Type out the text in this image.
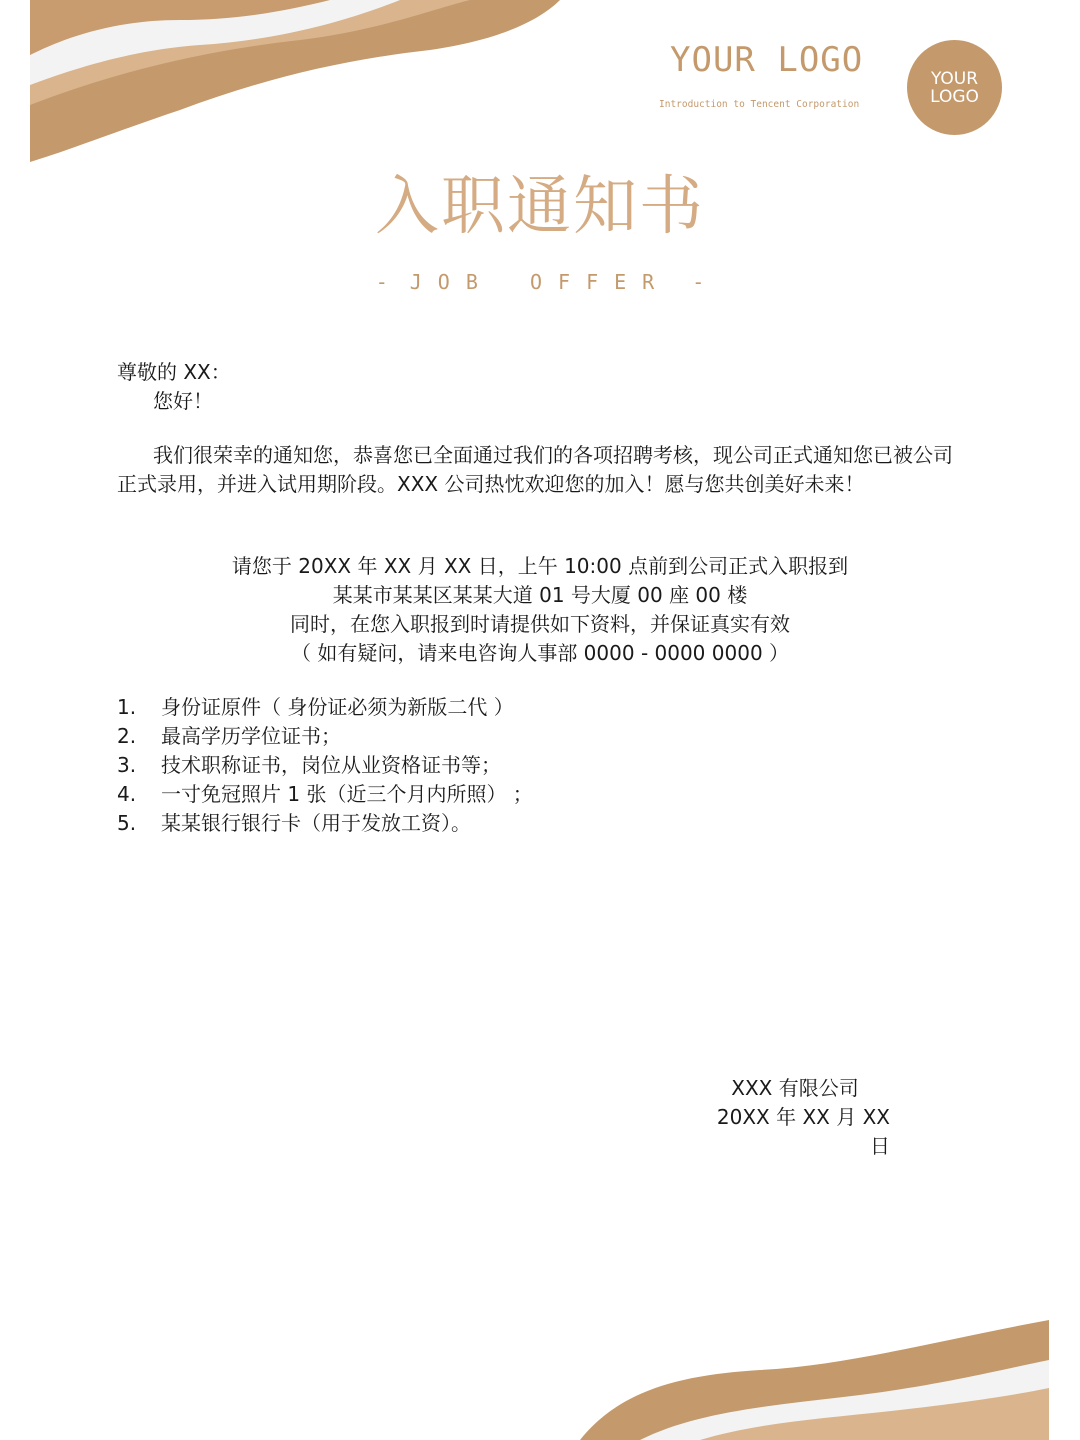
YOUR LOGO
Introduction to Tencent Corporation
YOUR
LOGO
入职通知书
- JOB OFFER -
尊敬的 XX：
您好！
我们很荣幸的通知您，恭喜您已全面通过我们的各项招聘考核，现公司正式通知您已被公司正式录用，并进入试用期阶段。XXX 公司热忱欢迎您的加入！愿与您共创美好未来！
请您于 20XX 年 XX 月 XX 日，上午 10:00 点前到公司正式入职报到
某某市某某区某某大道 01 号大厦 00 座 00 楼
同时，在您入职报到时请提供如下资料，并保证真实有效
（ 如有疑问，请来电咨询人事部 0000 - 0000 0000 ）
1.	身份证原件（ 身份证必须为新版二代 ）
2.	最高学历学位证书；
3.	技术职称证书，岗位从业资格证书等；
4.	一寸免冠照片 1 张（近三个月内所照） ；
5.	某某银行银行卡（用于发放工资）。
XXX 有限公司
20XX 年 XX 月 XX 日
